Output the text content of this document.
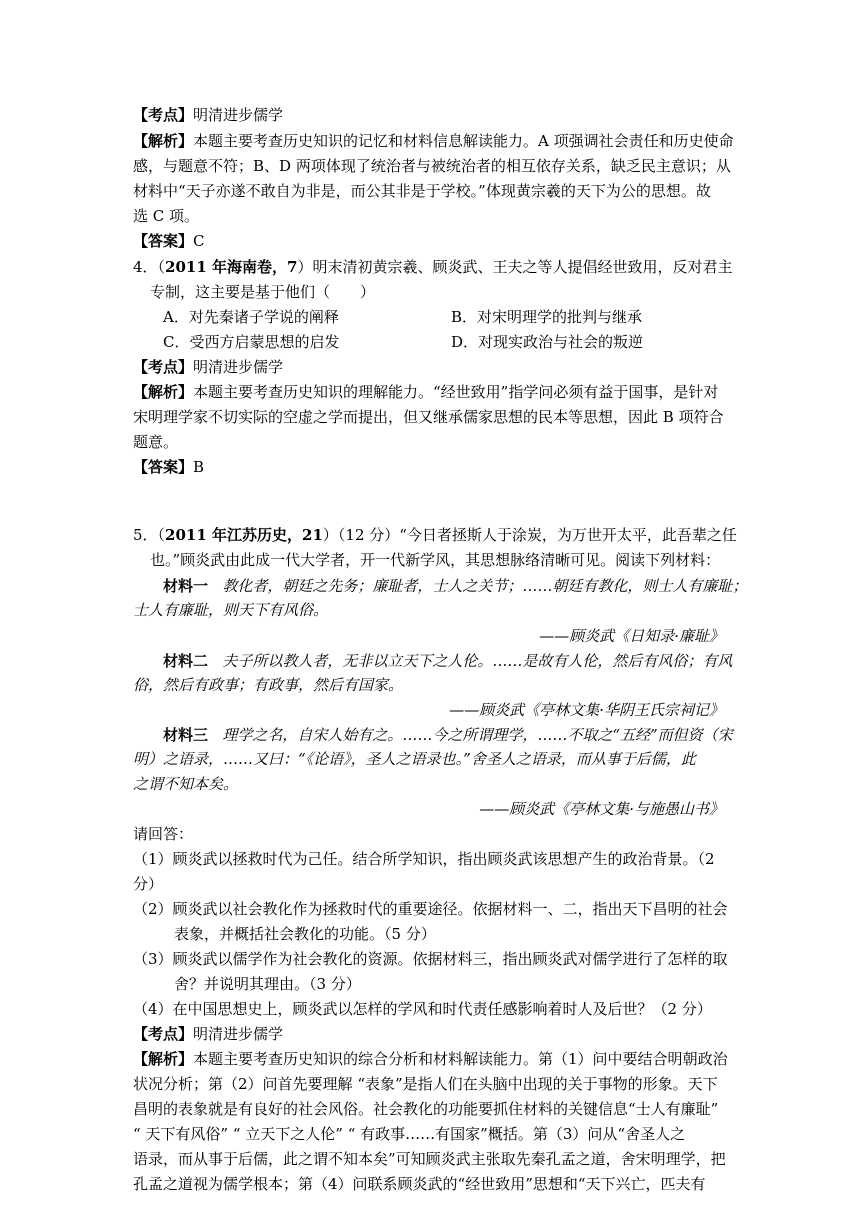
【考点】明清进步儒学
【解析】本题主要考查历史知识的记忆和材料信息解读能力。A 项强调社会责任和历史使命
感，与题意不符；B、D 两项体现了统治者与被统治者的相互依存关系，缺乏民主意识；从
材料中“天子亦遂不敢自为非是，而公其非是于学校。”体现黄宗羲的天下为公的思想。故
选 C 项。
【答案】C
4．（2011 年海南卷，7）明末清初黄宗羲、顾炎武、王夫之等人提倡经世致用，反对君主
专制，这主要是基于他们（　　）
A．对先秦诸子学说的阐释	B．对宋明理学的批判与继承
C．受西方启蒙思想的启发	D．对现实政治与社会的叛逆
【考点】明清进步儒学
【解析】本题主要考查历史知识的理解能力。“经世致用”指学问必须有益于国事，是针对
宋明理学家不切实际的空虚之学而提出，但又继承儒家思想的民本等思想，因此 B 项符合
题意。
【答案】B
5．（2011 年江苏历史，21）（12 分）“今日者拯斯人于涂炭，为万世开太平，此吾辈之任
也。”顾炎武由此成一代大学者，开一代新学风，其思想脉络清晰可见。阅读下列材料：
材料一 教化者，朝廷之先务；廉耻者，士人之关节；……朝廷有教化，则士人有廉耻；
士人有廉耻，则天下有风俗。
——顾炎武《日知录·廉耻》
材料二 夫子所以教人者，无非以立天下之人伦。……是故有人伦，然后有风俗；有风
俗，然后有政事；有政事，然后有国家。
——顾炎武《亭林文集·华阴王氏宗祠记》
材料三 理学之名，自宋人始有之。……今之所谓理学，……不取之“五经”而但资（宋
明）之语录，……又曰：“《论语》，圣人之语录也。”舍圣人之语录，而从事于后儒，此
之谓不知本矣。
——顾炎武《亭林文集·与施愚山书》
请回答：
（1）顾炎武以拯救时代为己任。结合所学知识，指出顾炎武该思想产生的政治背景。（2
分）
（2）顾炎武以社会教化作为拯救时代的重要途径。依据材料一、二，指出天下昌明的社会
表象，并概括社会教化的功能。（5 分）
（3）顾炎武以儒学作为社会教化的资源。依据材料三，指出顾炎武对儒学进行了怎样的取
舍？并说明其理由。（3 分）
（4）在中国思想史上，顾炎武以怎样的学风和时代责任感影响着时人及后世？（2 分）
【考点】明清进步儒学
【解析】本题主要考查历史知识的综合分析和材料解读能力。第（1）问中要结合明朝政治
状况分析；第（2）问首先要理解 “表象”是指人们在头脑中出现的关于事物的形象。天下
昌明的表象就是有良好的社会风俗。社会教化的功能要抓住材料的关键信息“士人有廉耻”
“ 天下有风俗” “ 立天下之人伦” “ 有政事……有国家”概括。第（3）问从“舍圣人之
语录，而从事于后儒，此之谓不知本矣”可知顾炎武主张取先秦孔孟之道，舍宋明理学，把
孔孟之道视为儒学根本；第（4）问联系顾炎武的“经世致用”思想和“天下兴亡，匹夫有
